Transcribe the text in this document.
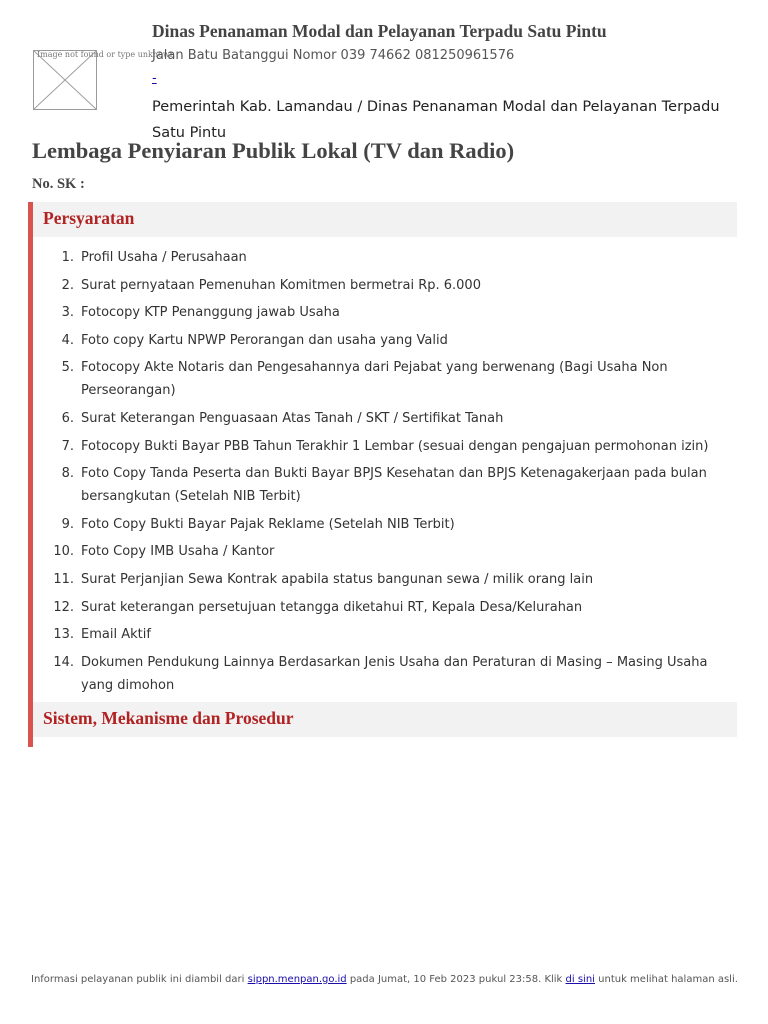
Image not found or type unknown
Dinas Penanaman Modal dan Pelayanan Terpadu Satu Pintu
Jalan Batu Batanggui Nomor 039 74662 081250961576
-
Pemerintah Kab. Lamandau / Dinas Penanaman Modal dan Pelayanan Terpadu Satu Pintu
Lembaga Penyiaran Publik Lokal (TV dan Radio)
No. SK :
Persyaratan
1. Profil Usaha / Perusahaan
2. Surat pernyataan Pemenuhan Komitmen bermetrai Rp. 6.000
3. Fotocopy KTP Penanggung jawab Usaha
4. Foto copy Kartu NPWP Perorangan dan usaha yang Valid
5. Fotocopy Akte Notaris dan Pengesahannya dari Pejabat yang berwenang (Bagi Usaha Non Perseorangan)
6. Surat Keterangan Penguasaan Atas Tanah / SKT / Sertifikat Tanah
7. Fotocopy Bukti Bayar PBB Tahun Terakhir 1 Lembar (sesuai dengan pengajuan permohonan izin)
8. Foto Copy Tanda Peserta dan Bukti Bayar BPJS Kesehatan dan BPJS Ketenagakerjaan pada bulan bersangkutan (Setelah NIB Terbit)
9. Foto Copy Bukti Bayar Pajak Reklame (Setelah NIB Terbit)
10. Foto Copy IMB Usaha / Kantor
11. Surat Perjanjian Sewa Kontrak apabila status bangunan sewa / milik orang lain
12. Surat keterangan persetujuan tetangga diketahui RT, Kepala Desa/Kelurahan
13. Email Aktif
14. Dokumen Pendukung Lainnya Berdasarkan Jenis Usaha dan Peraturan di Masing – Masing Usaha yang dimohon
Sistem, Mekanisme dan Prosedur
Informasi pelayanan publik ini diambil dari sippn.menpan.go.id pada Jumat, 10 Feb 2023 pukul 23:58. Klik di sini untuk melihat halaman asli.
